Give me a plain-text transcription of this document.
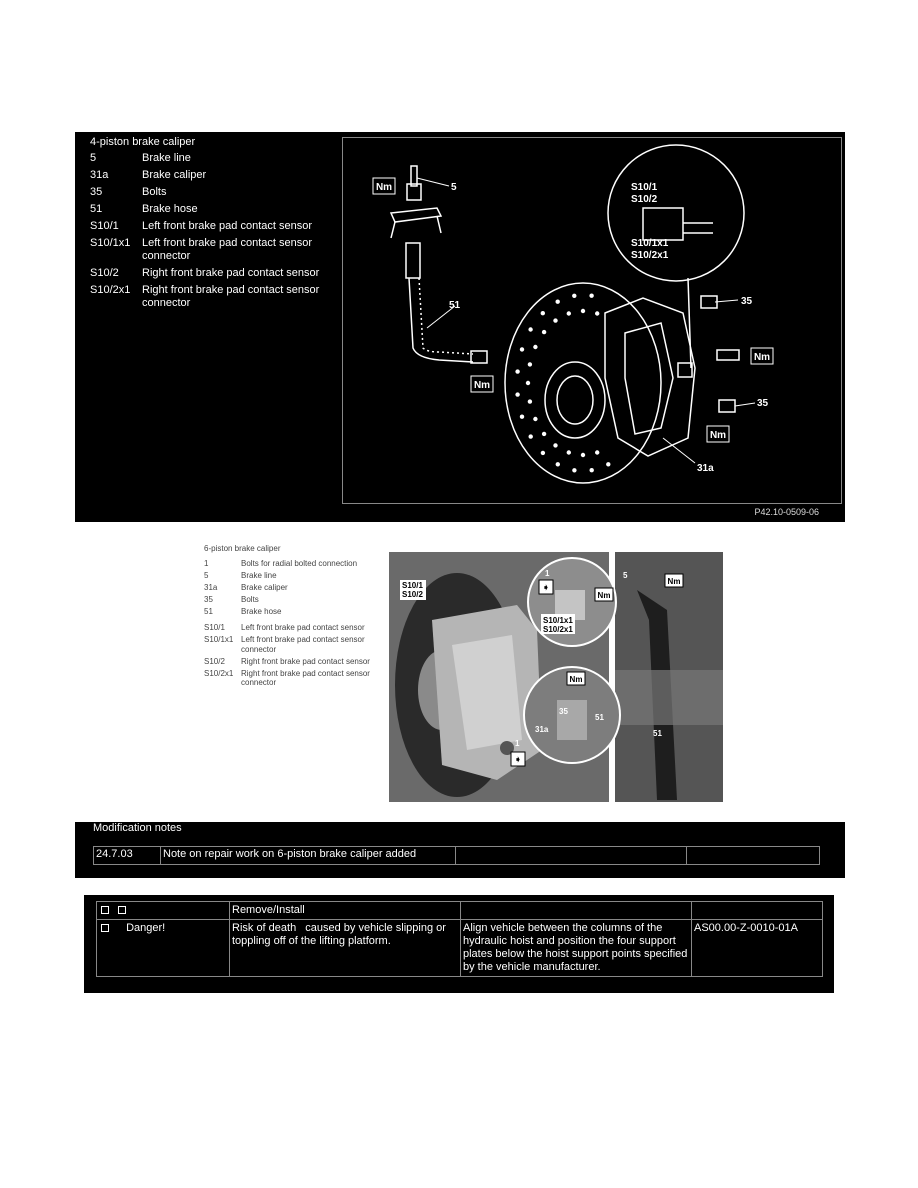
4-piston brake caliper
5	Brake line
31a	Brake caliper
35	Bolts
51	Brake hose
S10/1	Left front brake pad contact sensor
S10/1x1	Left front brake pad contact sensor connector
S10/2	Right front brake pad contact sensor
S10/2x1	Right front brake pad contact sensor connector
Nm
Nm
Nm
Nm
5
51	35
35
31a
S10/1
S10/2
S10/1x1
S10/2x1
P42.10-0509-06
6-piston brake caliper
1	Bolts for radial bolted connection
5	Brake line
31a	Brake caliper
35	Bolts
51	Brake hose
S10/1	Left front brake pad contact sensor
S10/1x1 Left front brake pad contact sensor connector
S10/2	Right front brake pad contact sensor
S10/2x1 Right front brake pad contact sensor connector
➧
Nm
Nm
Nm
➧
S10/1
S10/2
S10/1x1
S10/2x1
1	5
35
51
31a
1
51
Modification notes
24.7.03	Note on repair work on 6-piston brake caliper added		
	Remove/Install		
Danger!	Risk of death caused by vehicle slipping or toppling off of the lifting platform.	Align vehicle between the columns of the hydraulic hoist and position the four support plates below the hoist support points specified by the vehicle manufacturer.	AS00.00-Z-0010-01A
